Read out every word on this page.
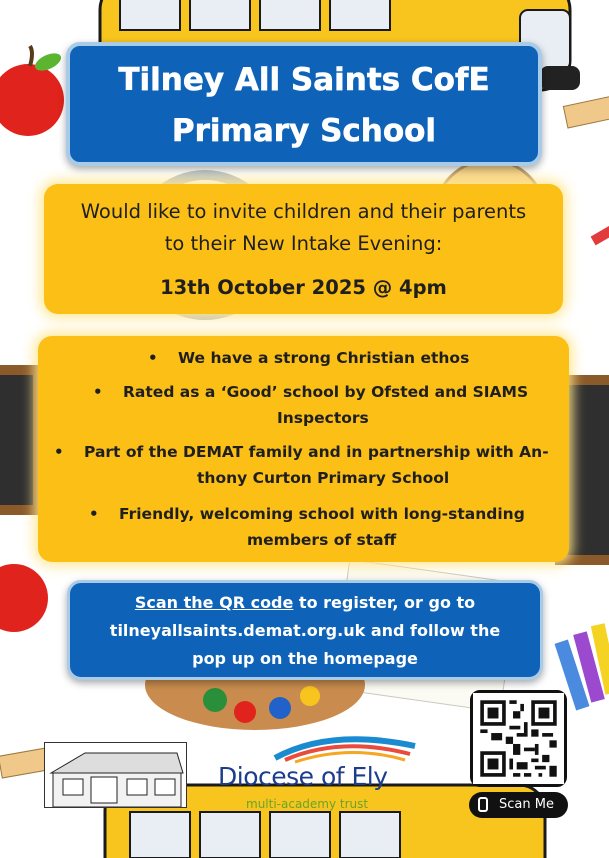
Tilney All Saints CofE
Primary School
Would like to invite children and their parents
to their New Intake Evening:
13th October 2025 @ 4pm
• We have a strong Christian ethos
• Rated as a ‘Good’ school by Ofsted and SIAMS
Inspectors
• Part of the DEMAT family and in partnership with An-
thony Curton Primary School
• Friendly, welcoming school with long-standing
members of staff
Scan the QR code to register, or go to
tilneyallsaints.demat.org.uk and follow the
pop up on the homepage
Diocese of Ely
multi-academy trust	Scan Me
